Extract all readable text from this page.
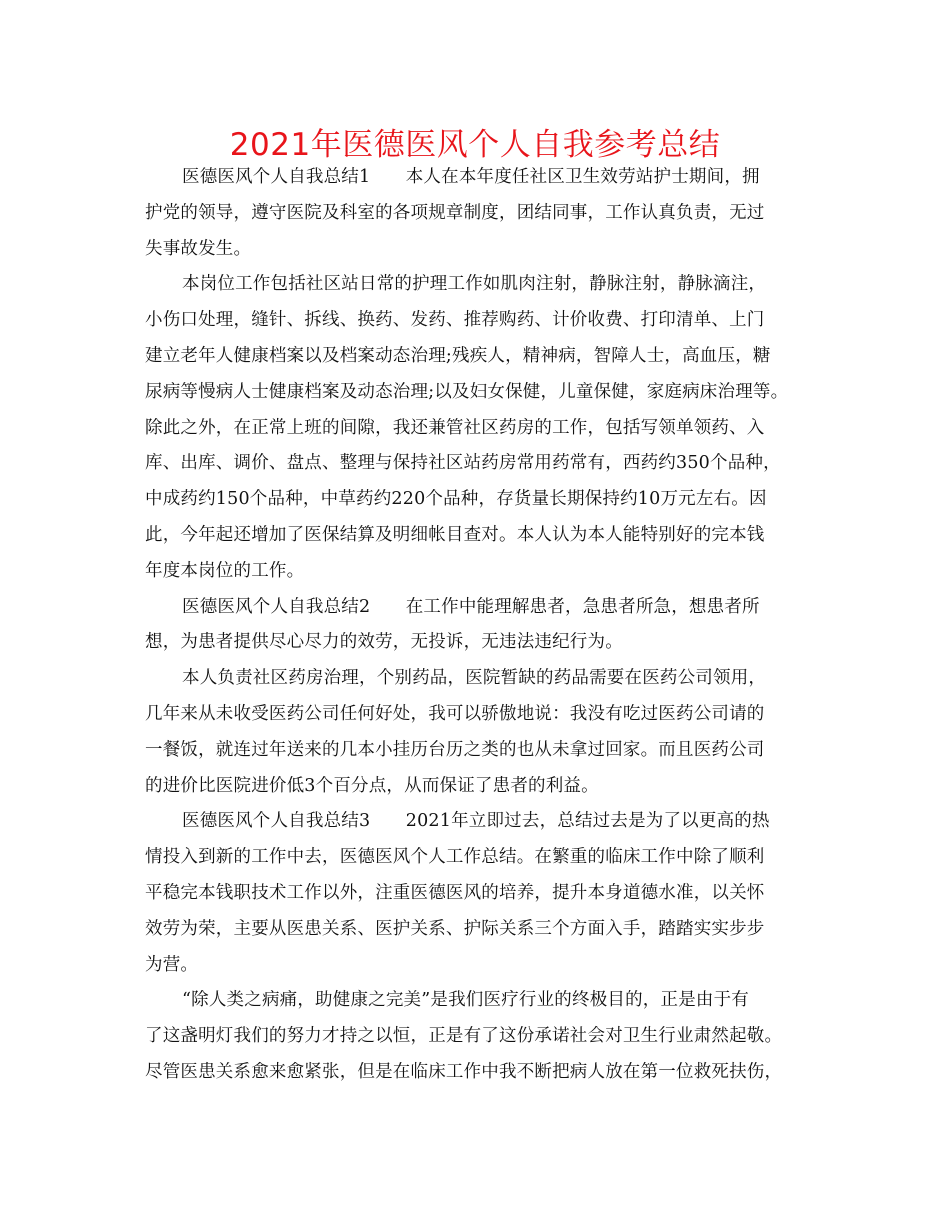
2021年医德医风个人自我参考总结
医德医风个人自我总结1　　本人在本年度任社区卫生效劳站护士期间，拥
护党的领导，遵守医院及科室的各项规章制度，团结同事，工作认真负责，无过
失事故发生。
本岗位工作包括社区站日常的护理工作如肌肉注射，静脉注射，静脉滴注，
小伤口处理，缝针、拆线、换药、发药、推荐购药、计价收费、打印清单、上门
建立老年人健康档案以及档案动态治理;残疾人，精神病，智障人士，高血压，糖
尿病等慢病人士健康档案及动态治理;以及妇女保健，儿童保健，家庭病床治理等。
除此之外，在正常上班的间隙，我还兼管社区药房的工作，包括写领单领药、入
库、出库、调价、盘点、整理与保持社区站药房常用药常有，西药约350个品种，
中成药约150个品种，中草药约220个品种，存货量长期保持约10万元左右。因
此，今年起还增加了医保结算及明细帐目查对。本人认为本人能特别好的完本钱
年度本岗位的工作。
医德医风个人自我总结2　　在工作中能理解患者，急患者所急，想患者所
想，为患者提供尽心尽力的效劳，无投诉，无违法违纪行为。
本人负责社区药房治理，个别药品，医院暂缺的药品需要在医药公司领用，
几年来从未收受医药公司任何好处，我可以骄傲地说：我没有吃过医药公司请的
一餐饭，就连过年送来的几本小挂历台历之类的也从未拿过回家。而且医药公司
的进价比医院进价低3个百分点，从而保证了患者的利益。
医德医风个人自我总结3　　2021年立即过去，总结过去是为了以更高的热
情投入到新的工作中去，医德医风个人工作总结。在繁重的临床工作中除了顺利
平稳完本钱职技术工作以外，注重医德医风的培养，提升本身道德水准，以关怀
效劳为荣，主要从医患关系、医护关系、护际关系三个方面入手，踏踏实实步步
为营。
“除人类之病痛，助健康之完美”是我们医疗行业的终极目的，正是由于有
了这盏明灯我们的努力才持之以恒，正是有了这份承诺社会对卫生行业肃然起敬。
尽管医患关系愈来愈紧张，但是在临床工作中我不断把病人放在第一位救死扶伤，
